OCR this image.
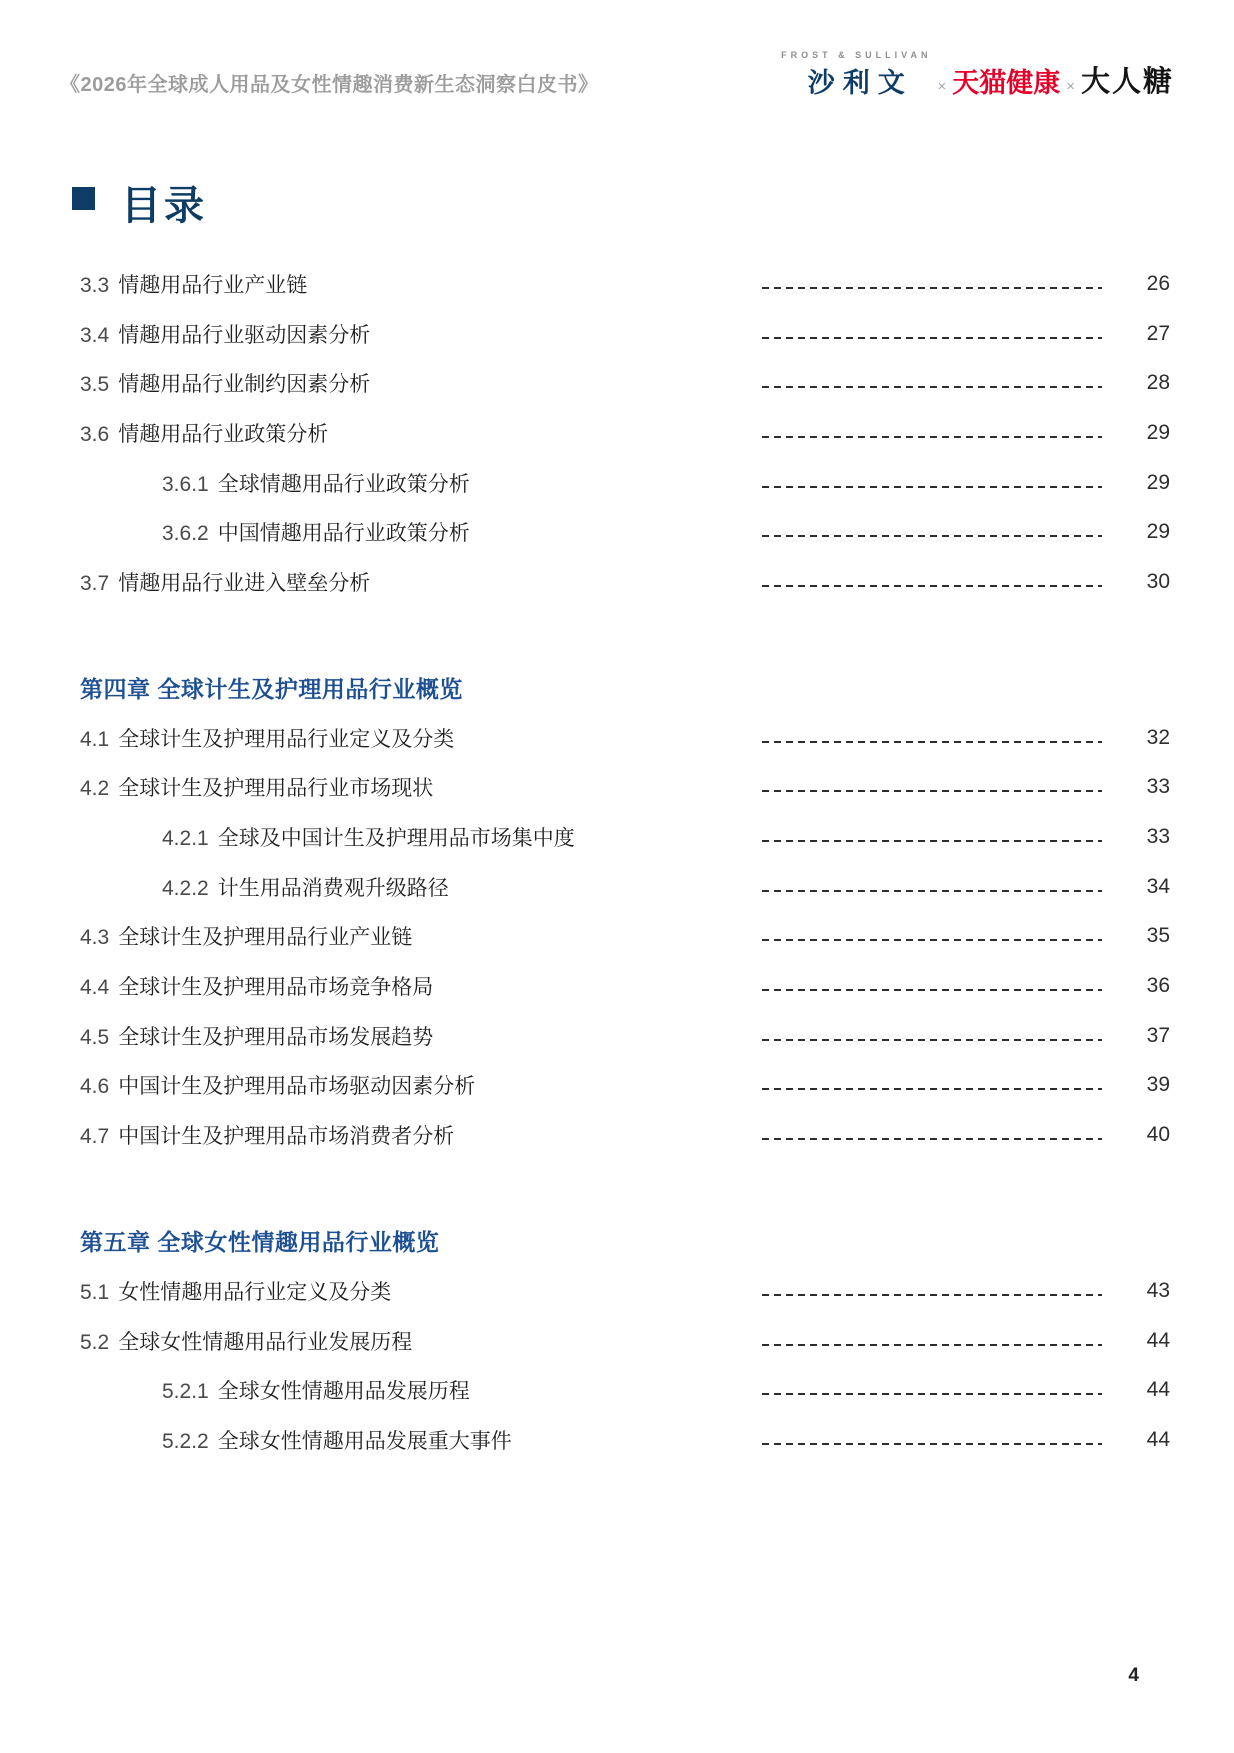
《2026年全球成人用品及女性情趣消费新生态洞察白皮书》
FROST & SULLIVAN
沙利文	× 天猫健康 × 大人糖
目录
3.3 情趣用品行业产业链	26
3.4 情趣用品行业驱动因素分析	27
3.5 情趣用品行业制约因素分析	28
3.6 情趣用品行业政策分析	29
3.6.1 全球情趣用品行业政策分析	29
3.6.2 中国情趣用品行业政策分析	29
3.7 情趣用品行业进入壁垒分析	30
第四章 全球计生及护理用品行业概览
4.1 全球计生及护理用品行业定义及分类	32
4.2 全球计生及护理用品行业市场现状	33
4.2.1 全球及中国计生及护理用品市场集中度	33
4.2.2 计生用品消费观升级路径	34
4.3 全球计生及护理用品行业产业链	35
4.4 全球计生及护理用品市场竞争格局	36
4.5 全球计生及护理用品市场发展趋势	37
4.6 中国计生及护理用品市场驱动因素分析	39
4.7 中国计生及护理用品市场消费者分析	40
第五章 全球女性情趣用品行业概览
5.1 女性情趣用品行业定义及分类	43
5.2 全球女性情趣用品行业发展历程	44
5.2.1 全球女性情趣用品发展历程	44
5.2.2 全球女性情趣用品发展重大事件	44
4
